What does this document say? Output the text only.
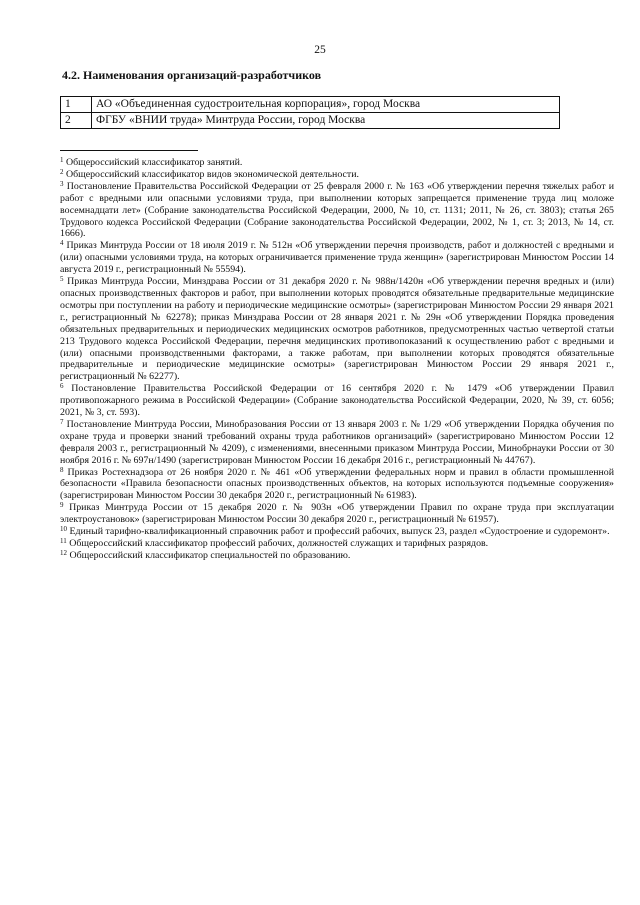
25
4.2. Наименования организаций-разработчиков
1	АО «Объединенная судостроительная корпорация», город Москва
2	ФГБУ «ВНИИ труда» Минтруда России, город Москва
$^1$ Общероссийский классификатор занятий.
$^2$ Общероссийский классификатор видов экономической деятельности.
$^3$ Постановление Правительства Российской Федерации от 25 февраля 2000 г. № 163 «Об утверждении перечня тяжелых работ и работ с вредными или опасными условиями труда, при выполнении которых запрещается применение труда лиц моложе восемнадцати лет» (Собрание законодательства Российской Федерации, 2000, № 10, ст. 1131; 2011, № 26, ст. 3803); статья 265 Трудового кодекса Российской Федерации (Собрание законодательства Российской Федерации, 2002, № 1, ст. 3; 2013, № 14, ст. 1666).
$^4$ Приказ Минтруда России от 18 июля 2019 г. № 512н «Об утверждении перечня производств, работ и должностей с вредными и (или) опасными условиями труда, на которых ограничивается применение труда женщин» (зарегистрирован Минюстом России 14 августа 2019 г., регистрационный № 55594).
$^5$ Приказ Минтруда России, Минздрава России от 31 декабря 2020 г. № 988н/1420н «Об утверждении перечня вредных и (или) опасных производственных факторов и работ, при выполнении которых проводятся обязательные предварительные медицинские осмотры при поступлении на работу и периодические медицинские осмотры» (зарегистрирован Минюстом России 29 января 2021 г., регистрационный № 62278); приказ Минздрава России от 28 января 2021 г. № 29н «Об утверждении Порядка проведения обязательных предварительных и периодических медицинских осмотров работников, предусмотренных частью четвертой статьи 213 Трудового кодекса Российской Федерации, перечня медицинских противопоказаний к осуществлению работ с вредными и (или) опасными производственными факторами, а также работам, при выполнении которых проводятся обязательные предварительные и периодические медицинские осмотры» (зарегистрирован Минюстом России 29 января 2021 г., регистрационный № 62277).
$^6$ Постановление Правительства Российской Федерации от 16 сентября 2020 г. № 1479 «Об утверждении Правил противопожарного режима в Российской Федерации» (Собрание законодательства Российской Федерации, 2020, № 39, ст. 6056; 2021, № 3, ст. 593).
$^7$ Постановление Минтруда России, Минобразования России от 13 января 2003 г. № 1/29 «Об утверждении Порядка обучения по охране труда и проверки знаний требований охраны труда работников организаций» (зарегистрировано Минюстом России 12 февраля 2003 г., регистрационный № 4209), с изменениями, внесенными приказом Минтруда России, Минобрнауки России от 30 ноября 2016 г. № 697н/1490 (зарегистрирован Минюстом России 16 декабря 2016 г., регистрационный № 44767).
$^8$ Приказ Ростехнадзора от 26 ноября 2020 г. № 461 «Об утверждении федеральных норм и правил в области промышленной безопасности «Правила безопасности опасных производственных объектов, на которых используются подъемные сооружения» (зарегистрирован Минюстом России 30 декабря 2020 г., регистрационный № 61983).
$^9$ Приказ Минтруда России от 15 декабря 2020 г. № 903н «Об утверждении Правил по охране труда при эксплуатации электроустановок» (зарегистрирован Минюстом России 30 декабря 2020 г., регистрационный № 61957).
$^{10}$ Единый тарифно-квалификационный справочник работ и профессий рабочих, выпуск 23, раздел «Судостроение и судоремонт».
$^{11}$ Общероссийский классификатор профессий рабочих, должностей служащих и тарифных разрядов.
$^{12}$ Общероссийский классификатор специальностей по образованию.
